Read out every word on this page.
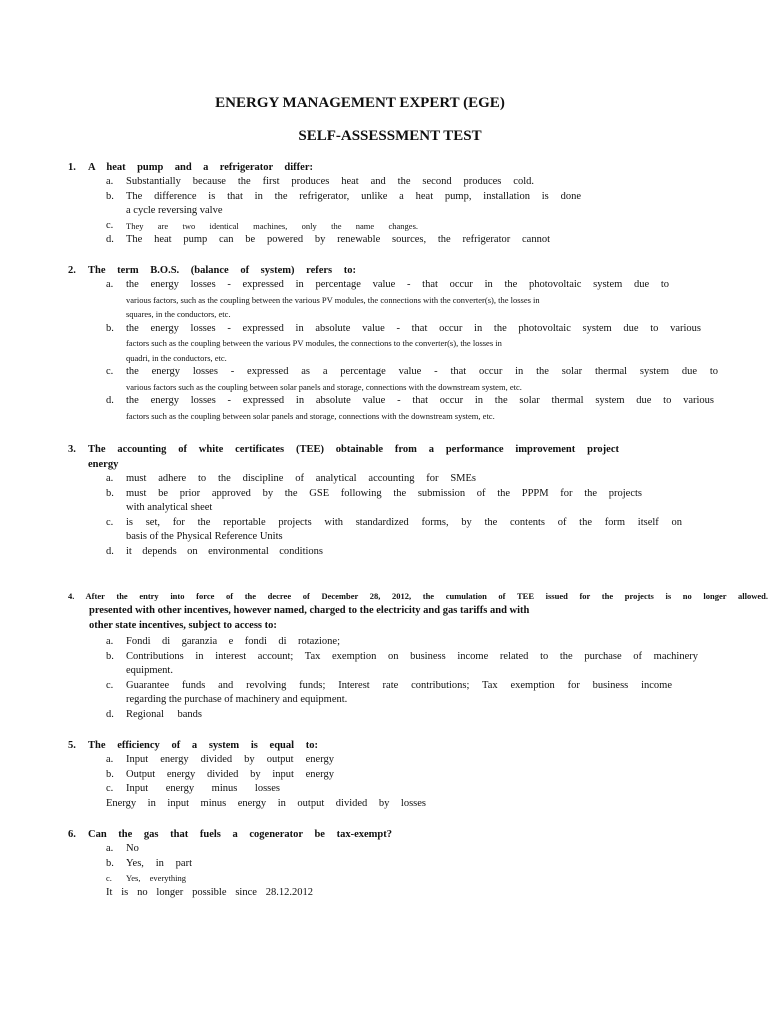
ENERGY MANAGEMENT EXPERT (EGE)
SELF-ASSESSMENT TEST
1.	A heat pump and a refrigerator differ:
a.	Substantially because the first produces heat and the second produces cold.
b.	The difference is that in the refrigerator, unlike a heat pump, installation is done
a cycle reversing valve
c.	They are two identical machines, only the name changes.
d.	The heat pump can be powered by renewable sources, the refrigerator cannot
2.	The term B.O.S. (balance of system) refers to:
a.	the energy losses - expressed in percentage value - that occur in the photovoltaic system due to
various factors, such as the coupling between the various PV modules, the connections with the converter(s), the losses in
squares, in the conductors, etc.
b.	the energy losses - expressed in absolute value - that occur in the photovoltaic system due to various
factors such as the coupling between the various PV modules, the connections to the converter(s), the losses in
quadri, in the conductors, etc.
c.	the energy losses - expressed as a percentage value - that occur in the solar thermal system due to
various factors such as the coupling between solar panels and storage, connections with the downstream system, etc.
d.	the energy losses - expressed in absolute value - that occur in the solar thermal system due to various
factors such as the coupling between solar panels and storage, connections with the downstream system, etc.
3.	The accounting of white certificates (TEE) obtainable from a performance improvement project
energy
a.	must adhere to the discipline of analytical accounting for SMEs
b.	must be prior approved by the GSE following the submission of the PPPM for the projects
with analytical sheet
c.	is set, for the reportable projects with standardized forms, by the contents of the form itself on
basis of the Physical Reference Units
d.	it depends on environmental conditions
4. After the entry into force of the decree of December 28, 2012, the cumulation of TEE issued for the projects is no longer allowed.
presented with other incentives, however named, charged to the electricity and gas tariffs and with
other state incentives, subject to access to:
a.	Fondi di garanzia e fondi di rotazione;
b.	Contributions in interest account; Tax exemption on business income related to the purchase of machinery
equipment.
c.	Guarantee funds and revolving funds; Interest rate contributions; Tax exemption for business income
regarding the purchase of machinery and equipment.
d.	Regional bands
5.	The efficiency of a system is equal to:
a.	Input energy divided by output energy
b.	Output energy divided by input energy
c.	Input energy minus losses
Energy in input minus energy in output divided by losses
6.	Can the gas that fuels a cogenerator be tax-exempt?
a.	No
b.	Yes, in part
c.	Yes, everything
It is no longer possible since 28.12.2012
